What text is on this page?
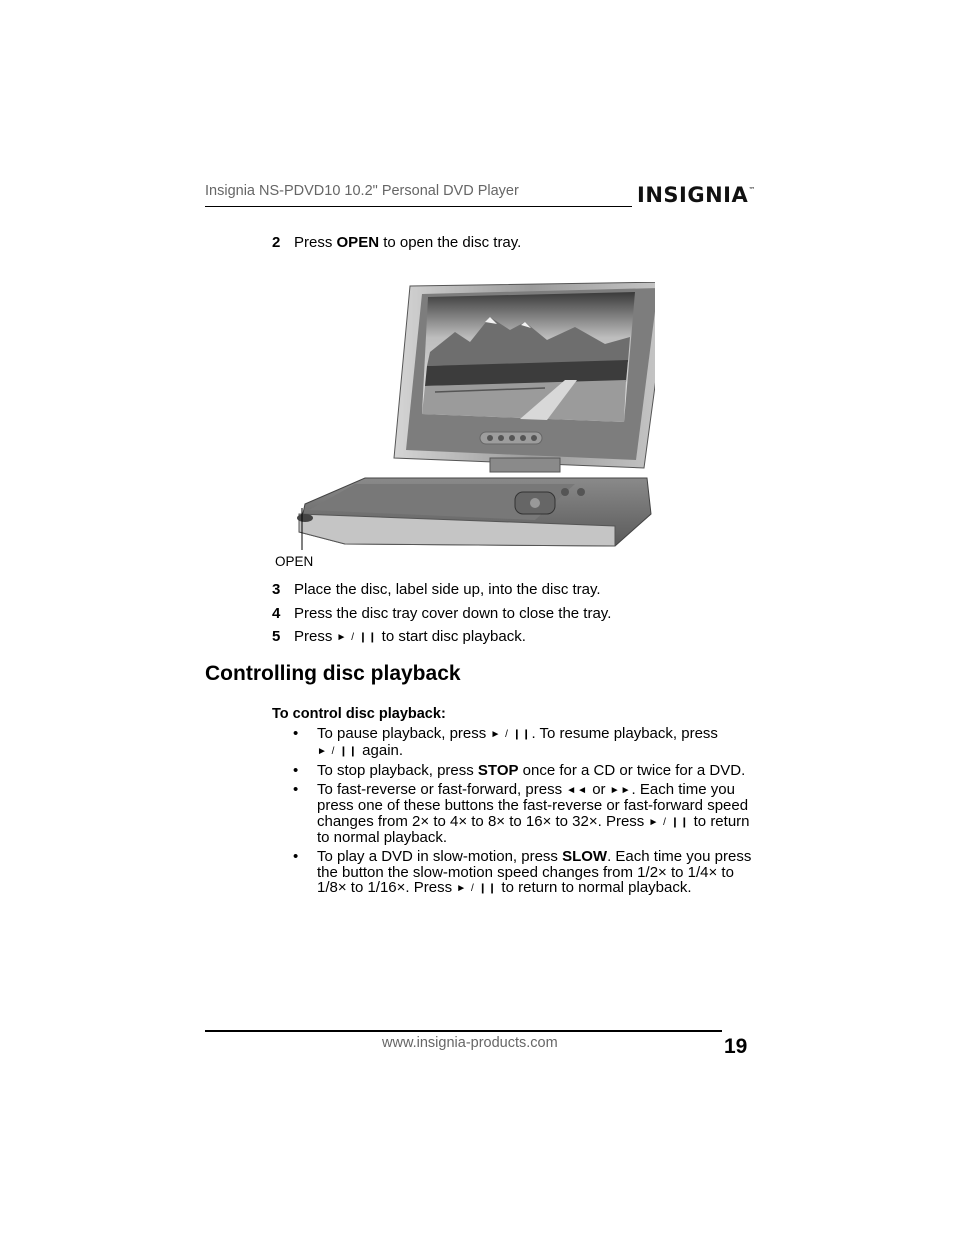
Insignia NS-PDVD10 10.2" Personal DVD Player	INSIGNIA™
2 Press OPEN to open the disc tray.
OPEN
3 Place the disc, label side up, into the disc tray.
4 Press the disc tray cover down to close the tray.
5 Press ► / ❙❙ to start disc playback.
Controlling disc playback
To control disc playback:
• To pause playback, press ► / ❙❙. To resume playback, press
► / ❙❙ again.
• To stop playback, press STOP once for a CD or twice for a DVD.
• To fast-reverse or fast-forward, press ◄◄ or ►►. Each time you press one of these buttons the fast-reverse or fast-forward speed changes from 2× to 4× to 8× to 16× to 32×. Press ► / ❙❙ to return to normal playback.
• To play a DVD in slow-motion, press SLOW. Each time you press the button the slow-motion speed changes from 1/2× to 1/4× to 1/8× to 1/16×. Press ► / ❙❙ to return to normal playback.
www.insignia-products.com	19
